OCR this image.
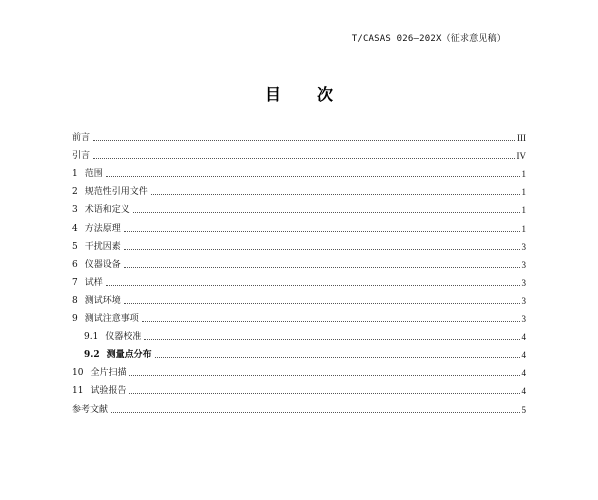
T/CASAS 026—202X（征求意见稿）
目次
前言	III
引言	IV
1 范围	1
2 规范性引用文件	1
3 术语和定义	1
4 方法原理	1
5 干扰因素	3
6 仪器设备	3
7 试样	3
8 测试环境	3
9 测试注意事项	3
9.1 仪器校准	4
9.2 测量点分布	4
10 全片扫描	4
11 试验报告	4
参考文献	5
